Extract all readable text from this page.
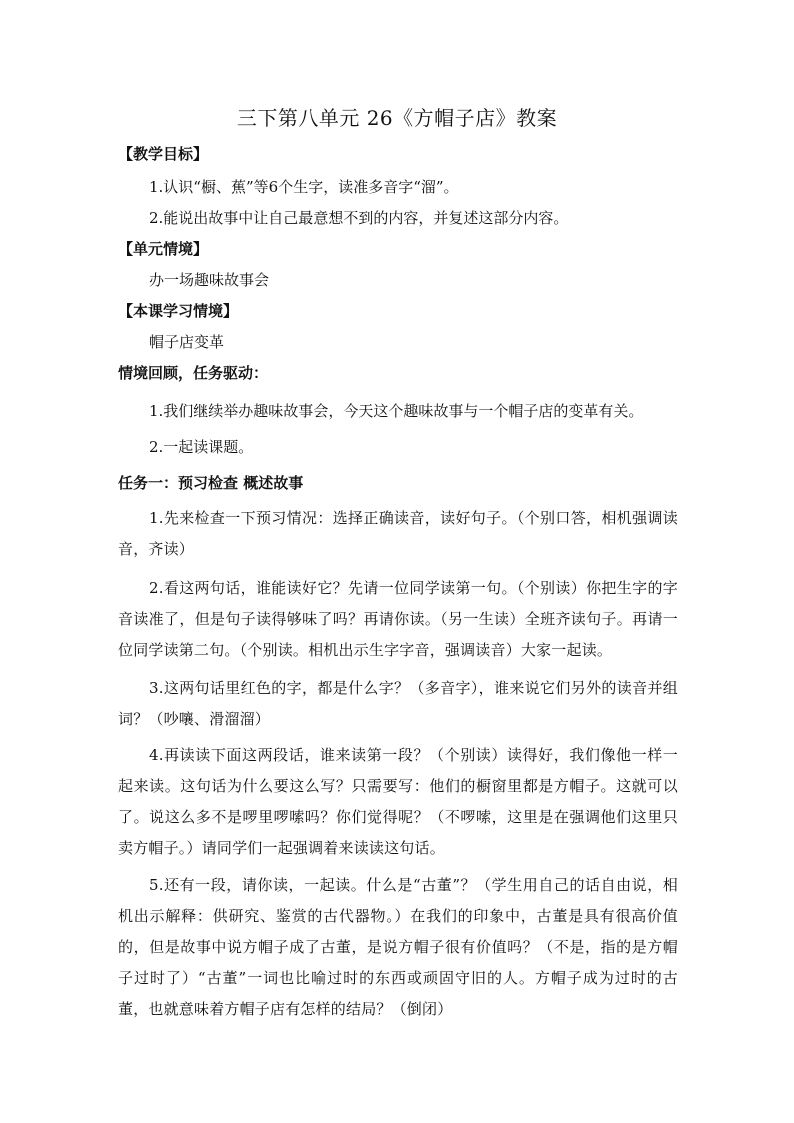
三下第八单元 26《方帽子店》教案
【教学目标】
1.认识“橱、蕉”等6个生字，读准多音字“溜”。
2.能说出故事中让自己最意想不到的内容，并复述这部分内容。
【单元情境】
办一场趣味故事会
【本课学习情境】
帽子店变革
情境回顾，任务驱动：
1.我们继续举办趣味故事会，今天这个趣味故事与一个帽子店的变革有关。
2.一起读课题。
任务一：预习检查 概述故事

1.先来检查一下预习情况：选择正确读音，读好句子。（个别口答，相机强调读音，齐读）

2.看这两句话，谁能读好它？先请一位同学读第一句。（个别读）你把生字的字音读准了，但是句子读得够味了吗？再请你读。（另一生读）全班齐读句子。再请一位同学读第二句。（个别读。相机出示生字字音，强调读音）大家一起读。

3.这两句话里红色的字，都是什么字？（多音字），谁来说它们另外的读音并组词？（吵嚷、滑溜溜）

4.再读读下面这两段话，谁来读第一段？（个别读）读得好，我们像他一样一起来读。这句话为什么要这么写？只需要写：他们的橱窗里都是方帽子。这就可以了。说这么多不是啰里啰嗦吗？你们觉得呢？（不啰嗦，这里是在强调他们这里只卖方帽子。）请同学们一起强调着来读读这句话。

5.还有一段，请你读，一起读。什么是“古董”？（学生用自己的话自由说，相机出示解释：供研究、鉴赏的古代器物。）在我们的印象中，古董是具有很高价值的，但是故事中说方帽子成了古董，是说方帽子很有价值吗？（不是，指的是方帽子过时了）“古董”一词也比喻过时的东西或顽固守旧的人。方帽子成为过时的古董，也就意味着方帽子店有怎样的结局？（倒闭）
